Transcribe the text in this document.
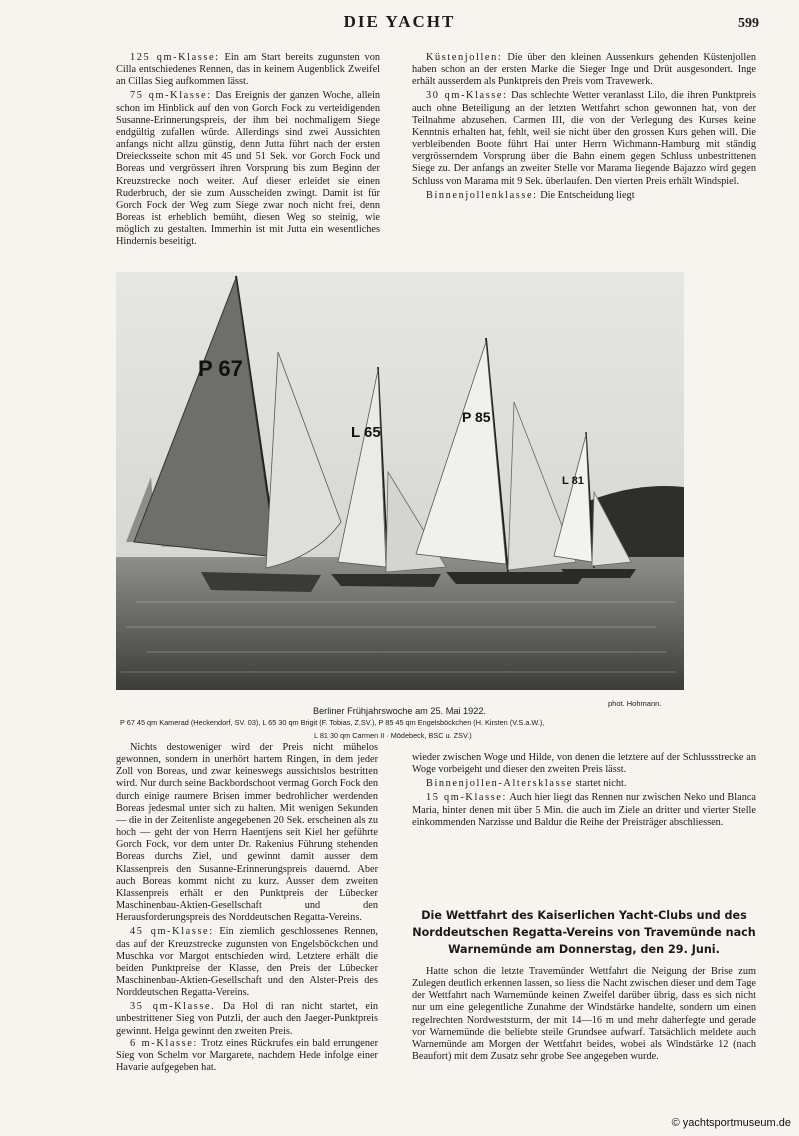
DIE YACHT	599

125 qm-Klasse: Ein am Start bereits zugunsten von Cilla entschiedenes Rennen, das in keinem Augenblick Zweifel an Cillas Sieg aufkommen lässt.

75 qm-Klasse: Das Ereignis der ganzen Woche, allein schon im Hinblick auf den von Gorch Fock zu verteidigenden Susanne-Erinnerungspreis, der ihm bei nochmaligem Siege endgültig zufallen würde. Allerdings sind zwei Aussichten anfangs nicht allzu günstig, denn Jutta führt nach der ersten Dreiecksseite schon mit 45 und 51 Sek. vor Gorch Fock und Boreas und vergrössert ihren Vorsprung bis zum Beginn der Kreuzstrecke noch weiter. Auf dieser erleidet sie einen Ruderbruch, der sie zum Ausscheiden zwingt. Damit ist für Gorch Fock der Weg zum Siege zwar noch nicht frei, denn Boreas ist erheblich bemüht, diesen Weg so steinig, wie möglich zu gestalten. Immerhin ist mit Jutta ein wesentliches Hindernis beseitigt.

Küstenjollen: Die über den kleinen Aussenkurs gehenden Küstenjollen haben schon an der ersten Marke die Sieger Inge und Drüt ausgesondert. Inge erhält ausserdem als Punktpreis den Preis vom Travewerk.

30 qm-Klasse: Das schlechte Wetter veranlasst Lilo, die ihren Punktpreis auch ohne Beteiligung an der letzten Wettfahrt schon gewonnen hat, von der Teilnahme abzusehen. Carmen III, die von der Verlegung des Kurses keine Kenntnis erhalten hat, fehlt, weil sie nicht über den grossen Kurs gehen will. Die verbleibenden Boote führt Hai unter Herrn Wichmann-Hamburg mit ständig vergrösserndem Vorsprung über die Bahn einem gegen Schluss unbestrittenen Siege zu. Der anfangs an zweiter Stelle vor Marama liegende Bajazzo wird gegen Schluss von Marama mit 9 Sek. überlaufen. Den vierten Preis erhält Windspiel.

Binnenjollenklasse: Die Entscheidung liegt

P 67
L 65
P 85
L 81
phot. Hohmann.
Berliner Frühjahrswoche am 25. Mai 1922.
P 67 45 qm Kamerad (Heckendorf, SV. 03), L 65 30 qm Brigit (F. Tobias, Z.SV.), P 85 45 qm Engelsböckchen (H. Kirsten (V.S.a.W.),
L 81 30 qm Carmen II · Mödebeck, BSC u. ZSV.)

Nichts destoweniger wird der Preis nicht mühelos gewonnen, sondern in unerhört hartem Ringen, in dem jeder Zoll von Boreas, und zwar keineswegs aussichtslos bestritten wird. Nur durch seine Backbordschoot vermag Gorch Fock den durch einige raumere Brisen immer bedrohlicher werdenden Boreas jedesmal unter sich zu halten. Mit wenigen Sekunden — die in der Zeitenliste angegebenen 20 Sek. erscheinen als zu hoch — geht der von Herrn Haentjens seit Kiel her geführte Gorch Fock, vor dem unter Dr. Rakenius Führung stehenden Boreas durchs Ziel, und gewinnt damit ausser dem Klassenpreis den Susanne-Erinnerungspreis dauernd. Aber auch Boreas kommt nicht zu kurz. Ausser dem zweiten Klassenpreis erhält er den Punktpreis der Lübecker Maschinenbau-Aktien-Gesellschaft und den Herausforderungspreis des Norddeutschen Regatta-Vereins.

45 qm-Klasse: Ein ziemlich geschlossenes Rennen, das auf der Kreuzstrecke zugunsten von Engelsböckchen und Muschka vor Margot entschieden wird. Letztere erhält die beiden Punktpreise der Klasse, den Preis der Lübecker Maschinenbau-Aktien-Gesellschaft und den Alster-Preis des Norddeutschen Regatta-Vereins.

35 qm-Klasse. Da Hol di ran nicht startet, ein unbestrittener Sieg von Putzli, der auch den Jaeger-Punktpreis gewinnt. Helga gewinnt den zweiten Preis.

6 m-Klasse: Trotz eines Rückrufes ein bald errungener Sieg von Schelm vor Margarete, nachdem Hede infolge einer Havarie aufgegeben hat.

wieder zwischen Woge und Hilde, von denen die letztere auf der Schlussstrecke an Woge vorbeigeht und dieser den zweiten Preis lässt.

Binnenjollen-Altersklasse startet nicht.

15 qm-Klasse: Auch hier liegt das Rennen nur zwischen Neko und Blanca Maria, hinter denen mit über 5 Min. die auch im Ziele an dritter und vierter Stelle einkommenden Narzisse und Baldur die Reihe der Preisträger abschliessen.

Die Wettfahrt des Kaiserlichen Yacht-Clubs und des Norddeutschen Regatta-Vereins von Travemünde nach Warnemünde am Donnerstag, den 29. Juni.

Hatte schon die letzte Travemünder Wettfahrt die Neigung der Brise zum Zulegen deutlich erkennen lassen, so liess die Nacht zwischen dieser und dem Tage der Wettfahrt nach Warnemünde keinen Zweifel darüber übrig, dass es sich nicht nur um eine gelegentliche Zunahme der Windstärke handelte, sondern um einen regelrechten Nordweststurm, der mit 14—16 m und mehr daherfegte und gerade vor Warnemünde die beliebte steile Grundsee aufwarf. Tatsächlich meldete auch Warnemünde am Morgen der Wettfahrt beides, wobei als Windstärke 12 (nach Beaufort) mit dem Zusatz sehr grobe See angegeben wurde.

© yachtsportmuseum.de
